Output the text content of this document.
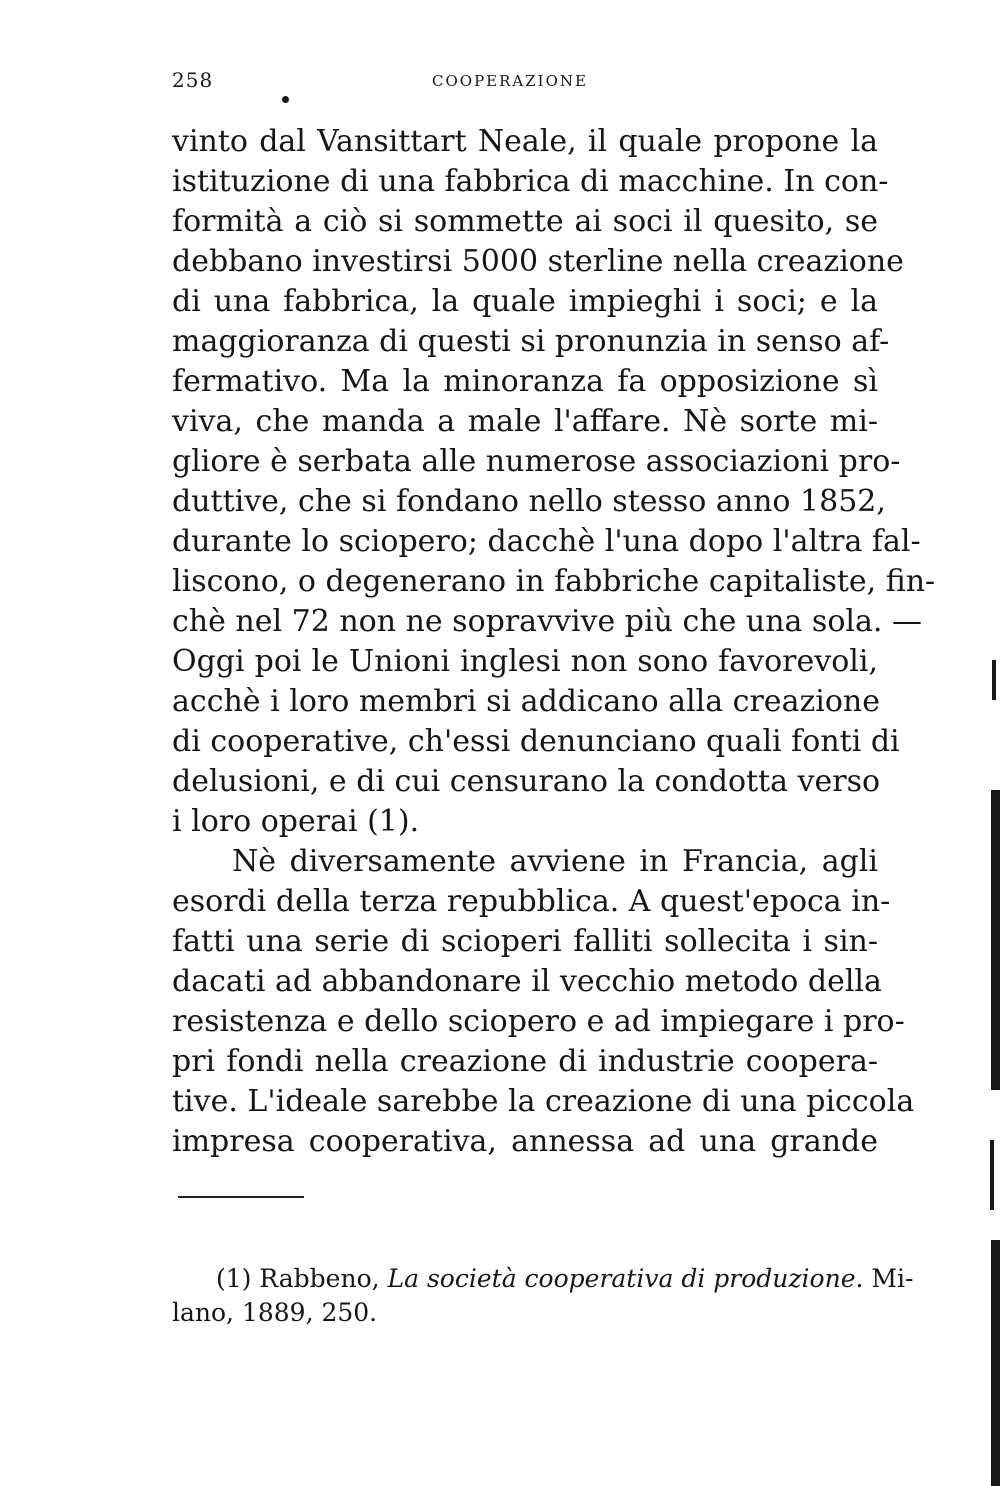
258	COOPERAZIONE
vinto dal Vansittart Neale, il quale propone la
istituzione di una fabbrica di macchine. In con-
formità a ciò si sommette ai soci il quesito, se
debbano investirsi 5000 sterline nella creazione
di una fabbrica, la quale impieghi i soci; e la
maggioranza di questi si pronunzia in senso af-
fermativo. Ma la minoranza fa opposizione sì
viva, che manda a male l'affare. Nè sorte mi-
gliore è serbata alle numerose associazioni pro-
duttive, che si fondano nello stesso anno 1852,
durante lo sciopero; dacchè l'una dopo l'altra fal-
liscono, o degenerano in fabbriche capitaliste, fin-
chè nel 72 non ne sopravvive più che una sola. —
Oggi poi le Unioni inglesi non sono favorevoli,
acchè i loro membri si addicano alla creazione
di cooperative, ch'essi denunciano quali fonti di
delusioni, e di cui censurano la condotta verso
i loro operai (1).
Nè diversamente avviene in Francia, agli
esordi della terza repubblica. A quest'epoca in-
fatti una serie di scioperi falliti sollecita i sin-
dacati ad abbandonare il vecchio metodo della
resistenza e dello sciopero e ad impiegare i pro-
pri fondi nella creazione di industrie coopera-
tive. L'ideale sarebbe la creazione di una piccola
impresa cooperativa, annessa ad una grande
(1) Rabbeno, La società cooperativa di produzione. Mi-
lano, 1889, 250.
